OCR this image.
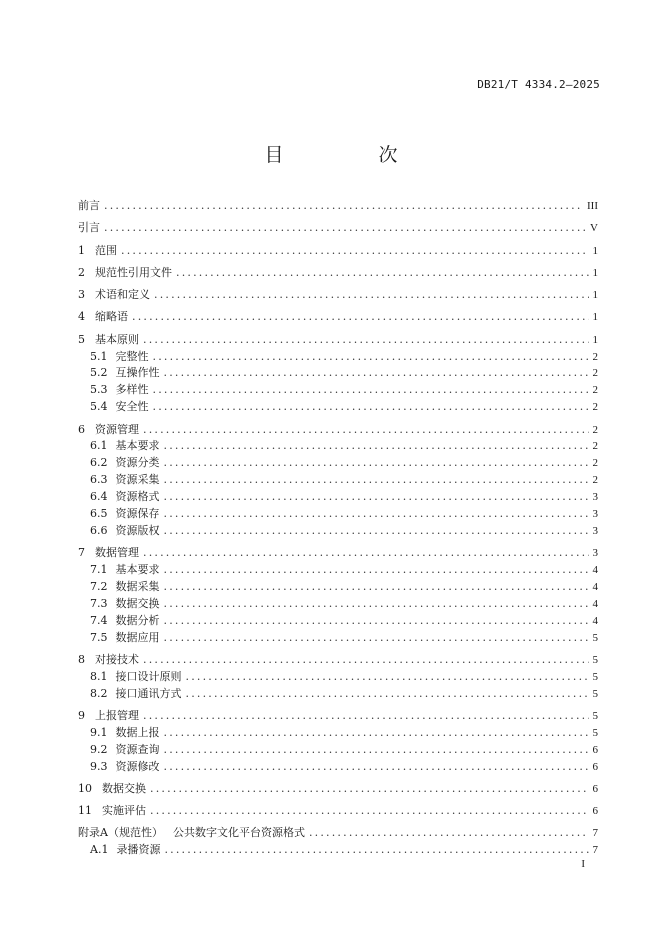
DB21/T 4334.2—2025
目　次
前言 .....	III
引言 .....	V
1 范围 .....	1
2 规范性引用文件 .....	1
3 术语和定义 .....	1
4 缩略语 .....	1
5 基本原则 .....	1
5.1 完整性 .....	2
5.2 互操作性 .....	2
5.3 多样性 .....	2
5.4 安全性 .....	2
6 资源管理 .....	2
6.1 基本要求 .....	2
6.2 资源分类 .....	2
6.3 资源采集 .....	2
6.4 资源格式 .....	3
6.5 资源保存 .....	3
6.6 资源版权 .....	3
7 数据管理 .....	3
7.1 基本要求 .....	4
7.2 数据采集 .....	4
7.3 数据交换 .....	4
7.4 数据分析 .....	4
7.5 数据应用 .....	5
8 对接技术 .....	5
8.1 接口设计原则 .....	5
8.2 接口通讯方式 .....	5
9 上报管理 .....	5
9.1 数据上报 .....	5
9.2 资源查询 .....	6
9.3 资源修改 .....	6
10 数据交换 .....	6
11 实施评估 .....	6
附录A（规范性） 公共数字文化平台资源格式 .....	7
A.1 录播资源 .....	7
I
